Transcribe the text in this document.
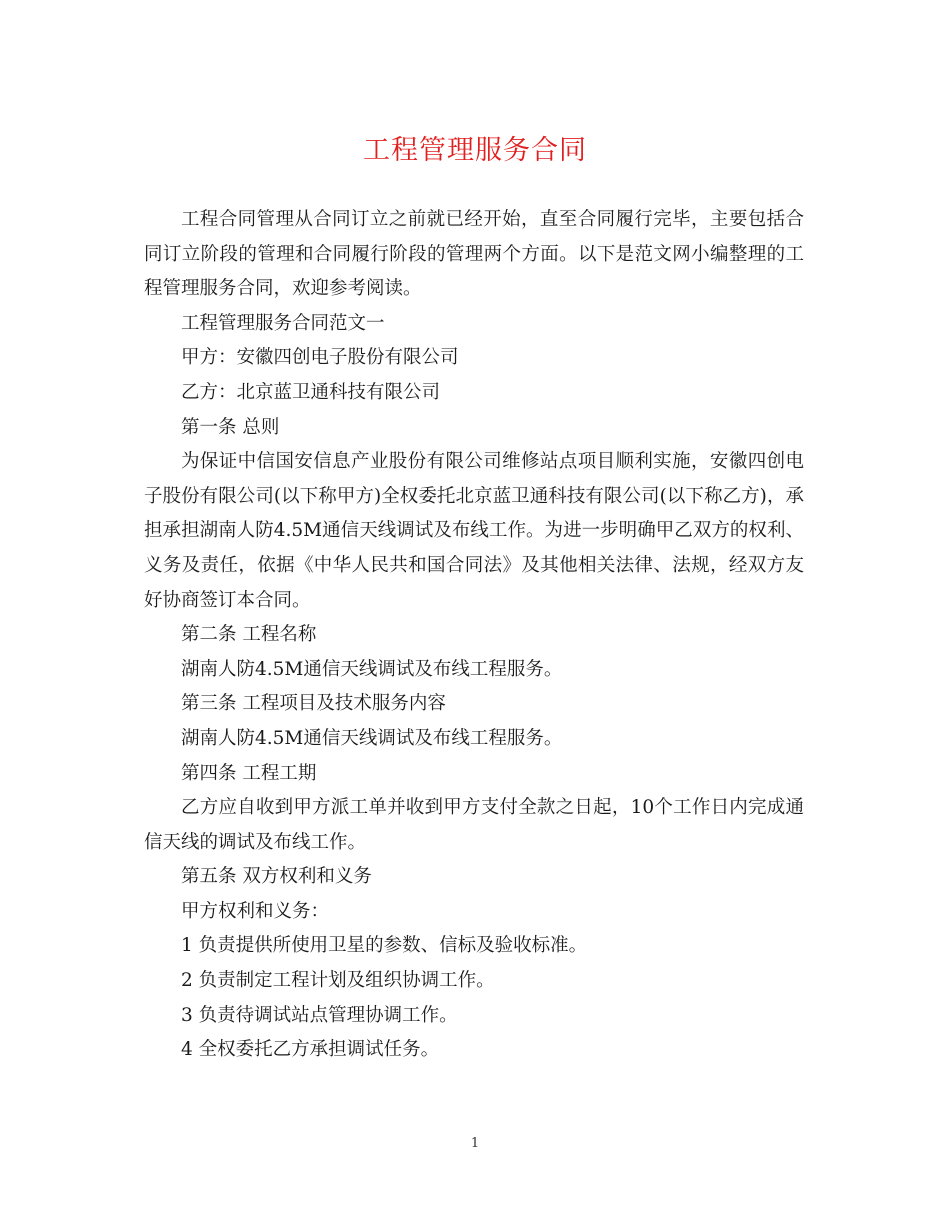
工程管理服务合同

工程合同管理从合同订立之前就已经开始，直至合同履行完毕，主要包括合同订立阶段的管理和合同履行阶段的管理两个方面。以下是范文网小编整理的工程管理服务合同，欢迎参考阅读。

工程管理服务合同范文一

甲方：安徽四创电子股份有限公司

乙方：北京蓝卫通科技有限公司

第一条 总则

为保证中信国安信息产业股份有限公司维修站点项目顺利实施，安徽四创电子股份有限公司(以下称甲方)全权委托北京蓝卫通科技有限公司(以下称乙方)，承担承担湖南人防4.5M通信天线调试及布线工作。为进一步明确甲乙双方的权利、义务及责任，依据《中华人民共和国合同法》及其他相关法律、法规，经双方友好协商签订本合同。

第二条 工程名称

湖南人防4.5M通信天线调试及布线工程服务。

第三条 工程项目及技术服务内容

湖南人防4.5M通信天线调试及布线工程服务。

第四条 工程工期

乙方应自收到甲方派工单并收到甲方支付全款之日起，10个工作日内完成通信天线的调试及布线工作。

第五条 双方权利和义务

甲方权利和义务：

1 负责提供所使用卫星的参数、信标及验收标准。

2 负责制定工程计划及组织协调工作。

3 负责待调试站点管理协调工作。

4 全权委托乙方承担调试任务。

1
